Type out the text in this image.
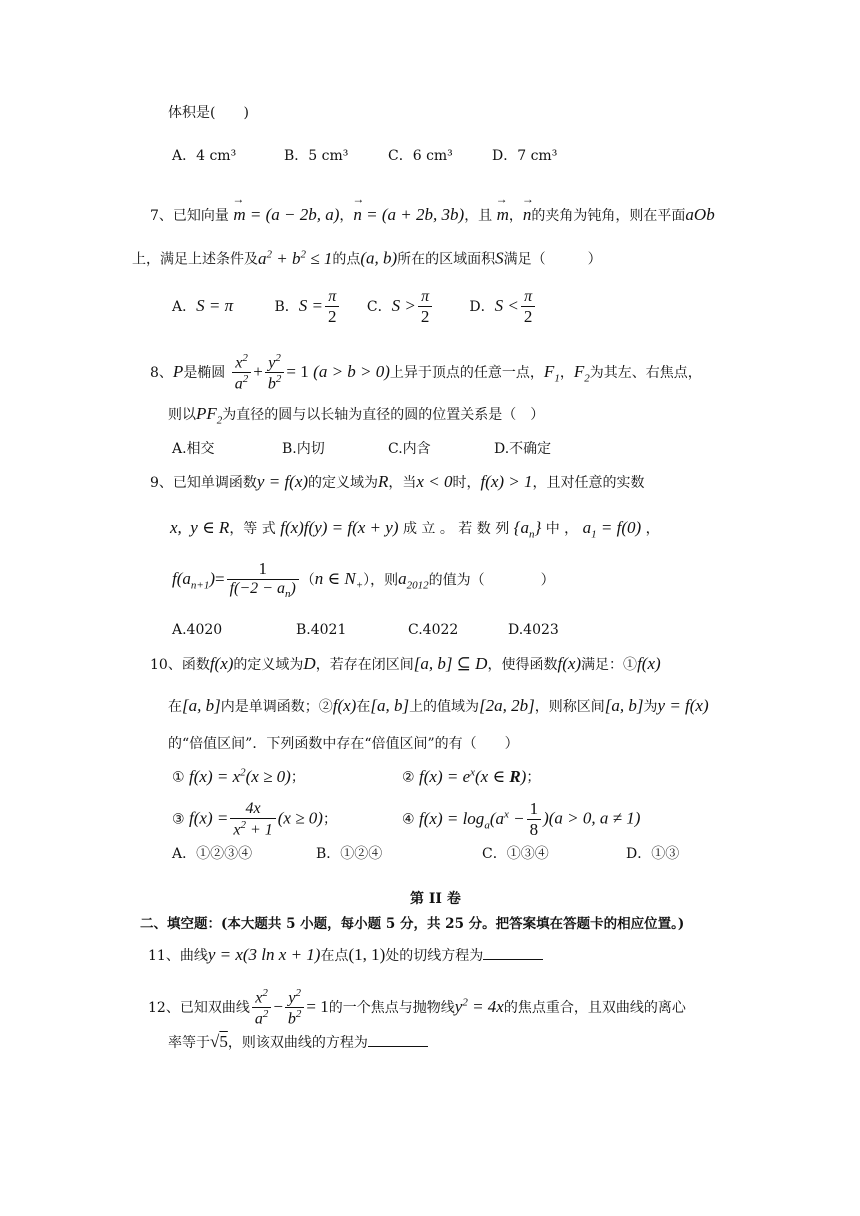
体积是(　　)
A．4 cm³	B．5 cm³	C．6 cm³	D．7 cm³
7、已知向量 → m = (a − 2b, a)，→ n = (a + 2b, 3b)，且 → m，→ n的夹角为钝角，则在平面aOb
上，满足上述条件及$a^2 + b^2 \le 1$的点(a, b)所在的区域面积S满足（　　　）
A．S = π	B．$S = \frac{\pi}{2}$ C．$S > \frac{\pi}{2}$	D．$S < \frac{\pi}{2}$
8、P是椭圆 $\frac{x^2}{a^2} + \frac{y^2}{b^2} = 1$ (a > b > 0)上异于顶点的任意一点，$F_1$，$F_2$为其左、右焦点，
则以$PF_2$为直径的圆与以长轴为直径的圆的位置关系是（　）
A.相交	B.内切	C.内含	D.不确定
9、已知单调函数y = f(x)的定义域为R，当x < 0时，f(x) > 1，且对任意的实数
x,  y ∈ R，等 式 f(x)f(y) = f(x + y) 成 立 。 若 数 列 $\{a_n\}$ 中 ， $a_1 = f(0)$ ，
$f(a_{n+1})= \frac{1}{f(-2 - a_n)} (n$ ∈ $N_+$），则$a_{2012}$的值为（　　　　）
A.4020	B.4021	C.4022	D.4023
10、函数f(x)的定义域为D，若存在闭区间[a, b] ⊆ D，使得函数f(x)满足：①f(x)
在[a, b]内是单调函数；②f(x)在[a, b]上的值域为[2a, 2b]，则称区间[a, b]为y = f(x)
的“倍值区间”．下列函数中存在“倍值区间”的有（　　）
① $f(x) = x^2(x \ge 0)$；	② $f(x) = e^x(x$ ∈ R)；
③ $f(x) = \frac{4x}{x^2 + 1} (x \ge 0)$；	④ $f(x) = \log_a(a^x - \frac{1}{8} )(a > 0$, a ≠ 1)
A．①②③④	B．①②④	C．①③④	D．①③
第 II 卷
二、填空题：(本大题共 5 小题，每小题 5 分，共 25 分。把答案填在答题卡的相应位置。)
11、曲线y = x(3 ln x + 1)在点(1, 1)处的切线方程为
12、已知双曲线 $\frac{x^2}{a^2} - \frac{y^2}{b^2} = 1$的一个焦点与抛物线$y^2 = 4x$的焦点重合，且双曲线的离心
率等于√5，则该双曲线的方程为
